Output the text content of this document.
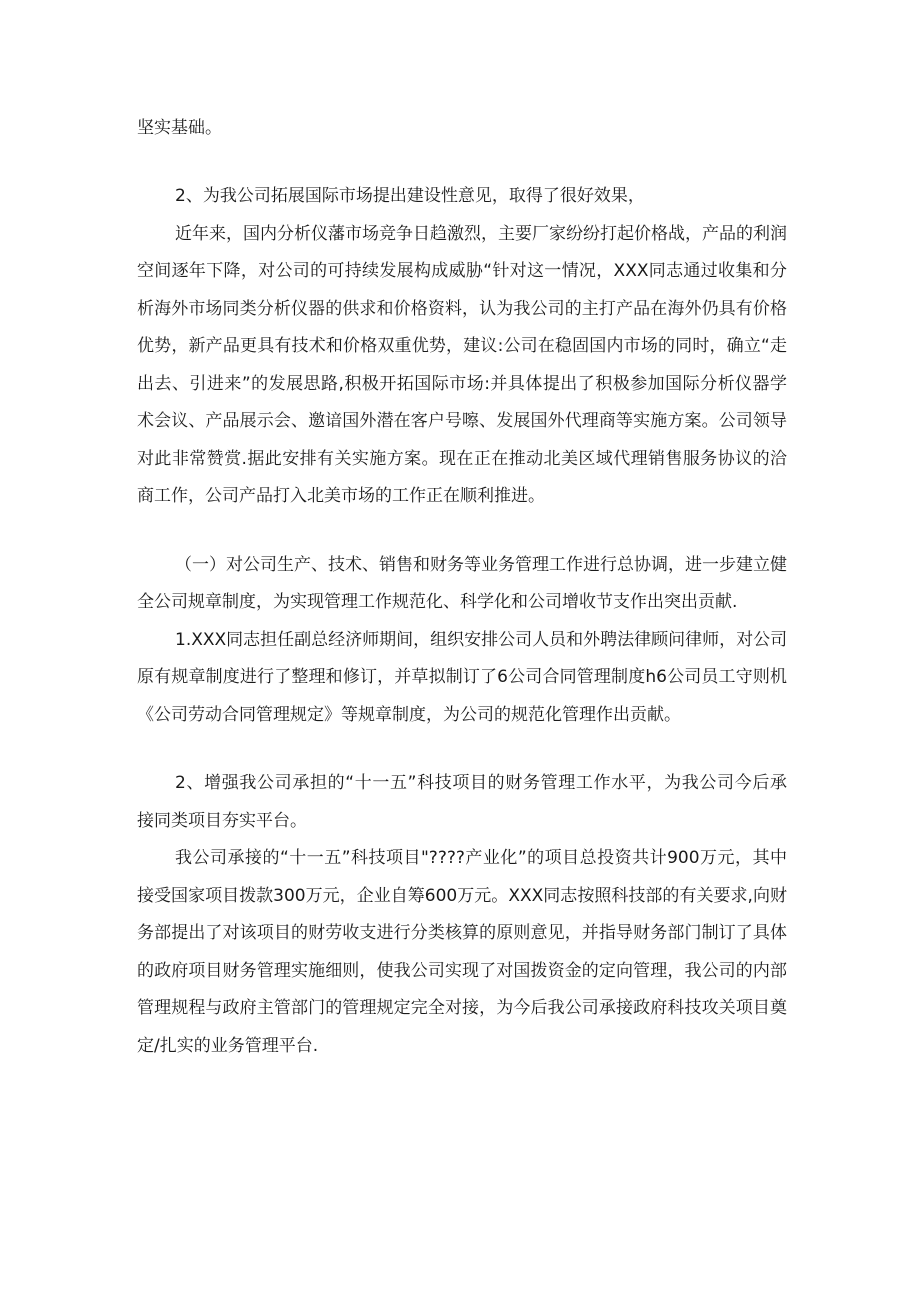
坚实基础。
2、为我公司拓展国际市场提出建设性意见，取得了很好效果，
近年来，国内分析仪藩市场竞争日趋激烈，主要厂家纷纷打起价格战，产品的利润
空间逐年下降，对公司的可持续发展构成威胁“针对这一情况，XXX同志通过收集和分
析海外市场同类分析仪器的供求和价格资料，认为我公司的主打产品在海外仍具有价格
优势，新产品更具有技术和价格双重优势，建议:公司在稳固国内市场的同时，确立“走
出去、引进来”的发展思路,积极开拓国际市场:并具体提出了积极参加国际分析仪器学
术会议、产品展示会、邀谙国外潜在客户号嚓、发展国外代理商等实施方案。公司领导
对此非常赞赏.据此安排有关实施方案。现在正在推动北美区域代理销售服务协议的洽
商工作，公司产品打入北美市场的工作正在顺利推进。
（一）对公司生产、技术、销售和财务等业务管理工作进行总协调，进一步建立健
全公司规章制度，为实现管理工作规范化、科学化和公司增收节支作出突出贡献.
1.XXX同志担任副总经济师期间，组织安排公司人员和外聘法律顾问律师，对公司
原有规章制度进行了整理和修订，并草拟制订了6公司合同管理制度h6公司员工守则机
《公司劳动合同管理规定》等规章制度，为公司的规范化管理作出贡献。
2、增强我公司承担的“十一五”科技项目的财务管理工作水平，为我公司今后承
接同类项目夯实平台。
我公司承接的“十一五”科技项目"????产业化”的项目总投资共计900万元，其中
接受国家项目拨款300万元，企业自筹600万元。XXX同志按照科技部的有关要求,向财
务部提出了对该项目的财劳收支进行分类核算的原则意见，并指导财务部门制订了具体
的政府项目财务管理实施细则，使我公司实现了对国拨资金的定向管理，我公司的内部
管理规程与政府主管部门的管理规定完全对接，为今后我公司承接政府科技攻关项目奠
定/扎实的业务管理平台.
